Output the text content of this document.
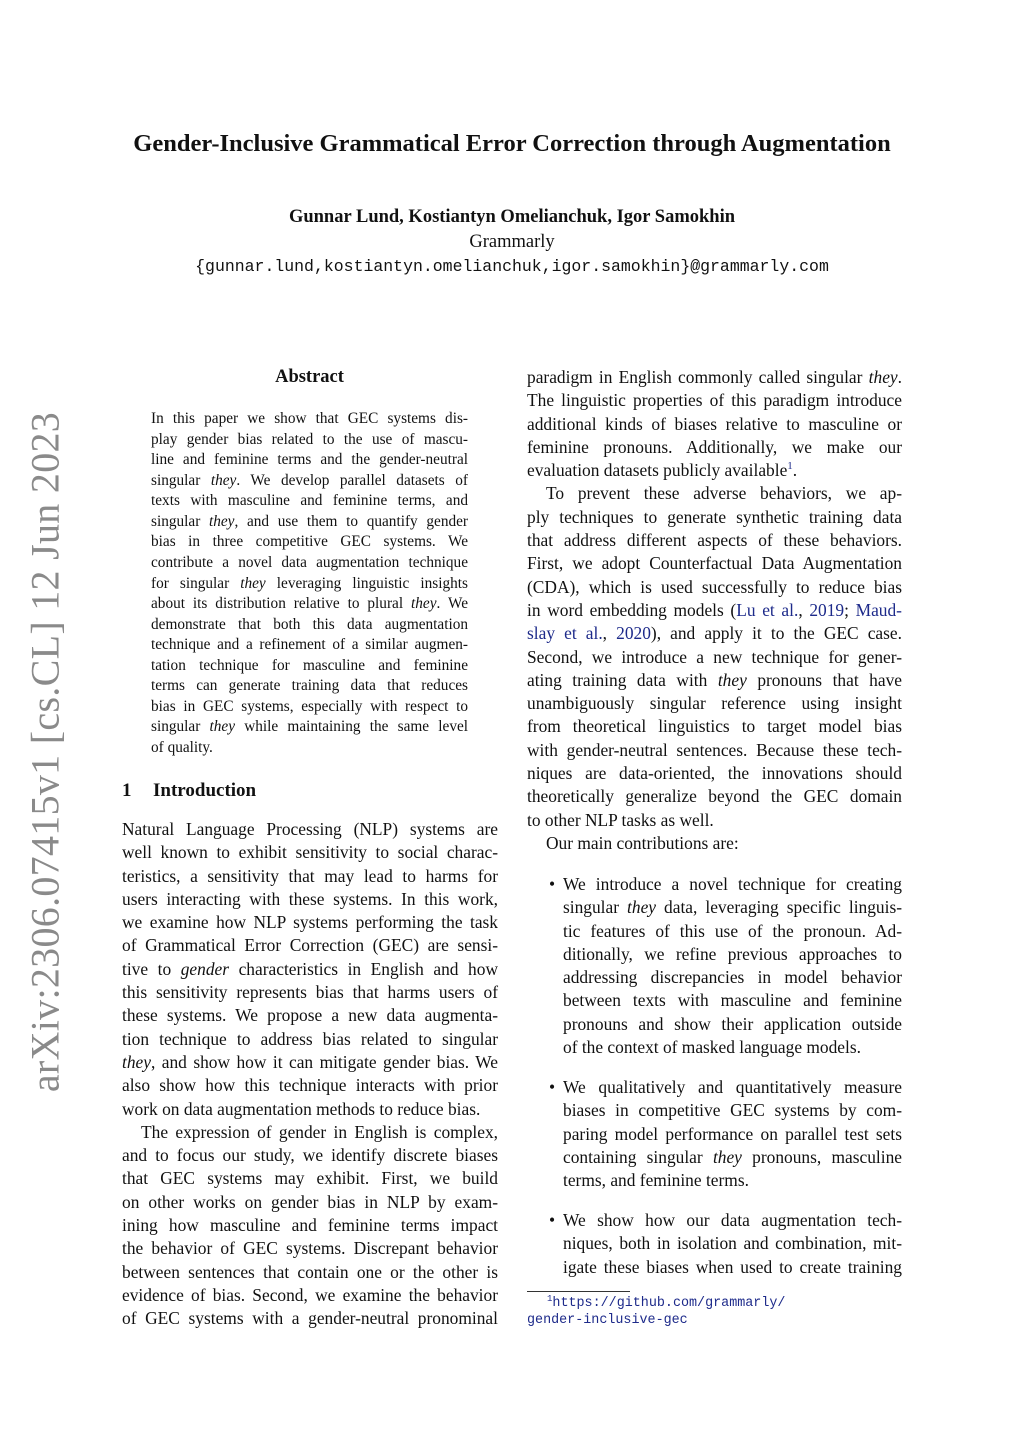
Gender-Inclusive Grammatical Error Correction through Augmentation
Gunnar Lund, Kostiantyn Omelianchuk, Igor Samokhin
Grammarly
{gunnar.lund,kostiantyn.omelianchuk,igor.samokhin}@grammarly.com
arXiv:2306.07415v1 [cs.CL] 12 Jun 2023
Abstract
In this paper we show that GEC systems dis-
play gender bias related to the use of mascu-
line and feminine terms and the gender-neutral
singular they. We develop parallel datasets of
texts with masculine and feminine terms, and
singular they, and use them to quantify gender
bias in three competitive GEC systems. We
contribute a novel data augmentation technique
for singular they leveraging linguistic insights
about its distribution relative to plural they. We
demonstrate that both this data augmentation
technique and a refinement of a similar augmen-
tation technique for masculine and feminine
terms can generate training data that reduces
bias in GEC systems, especially with respect to
singular they while maintaining the same level
of quality.
1 Introduction
Natural Language Processing (NLP) systems are
well known to exhibit sensitivity to social charac-
teristics, a sensitivity that may lead to harms for
users interacting with these systems. In this work,
we examine how NLP systems performing the task
of Grammatical Error Correction (GEC) are sensi-
tive to gender characteristics in English and how
this sensitivity represents bias that harms users of
these systems. We propose a new data augmenta-
tion technique to address bias related to singular
they, and show how it can mitigate gender bias. We
also show how this technique interacts with prior
work on data augmentation methods to reduce bias.
The expression of gender in English is complex,
and to focus our study, we identify discrete biases
that GEC systems may exhibit. First, we build
on other works on gender bias in NLP by exam-
ining how masculine and feminine terms impact
the behavior of GEC systems. Discrepant behavior
between sentences that contain one or the other is
evidence of bias. Second, we examine the behavior
of GEC systems with a gender-neutral pronominal
paradigm in English commonly called singular they.
The linguistic properties of this paradigm introduce
additional kinds of biases relative to masculine or
feminine pronouns. Additionally, we make our
evaluation datasets publicly available$^1$.
To prevent these adverse behaviors, we ap-
ply techniques to generate synthetic training data
that address different aspects of these behaviors.
First, we adopt Counterfactual Data Augmentation
(CDA), which is used successfully to reduce bias
in word embedding models (Lu et al., 2019; Maud-
slay et al., 2020), and apply it to the GEC case.
Second, we introduce a new technique for gener-
ating training data with they pronouns that have
unambiguously singular reference using insight
from theoretical linguistics to target model bias
with gender-neutral sentences. Because these tech-
niques are data-oriented, the innovations should
theoretically generalize beyond the GEC domain
to other NLP tasks as well.
Our main contributions are:
• We introduce a novel technique for creating
singular they data, leveraging specific linguis-
tic features of this use of the pronoun. Ad-
ditionally, we refine previous approaches to
addressing discrepancies in model behavior
between texts with masculine and feminine
pronouns and show their application outside
of the context of masked language models.
• We qualitatively and quantitatively measure
biases in competitive GEC systems by com-
paring model performance on parallel test sets
containing singular they pronouns, masculine
terms, and feminine terms.
• We show how our data augmentation tech-
niques, both in isolation and combination, mit-
igate these biases when used to create training
$^1$https://github.com/grammarly/
gender-inclusive-gec
